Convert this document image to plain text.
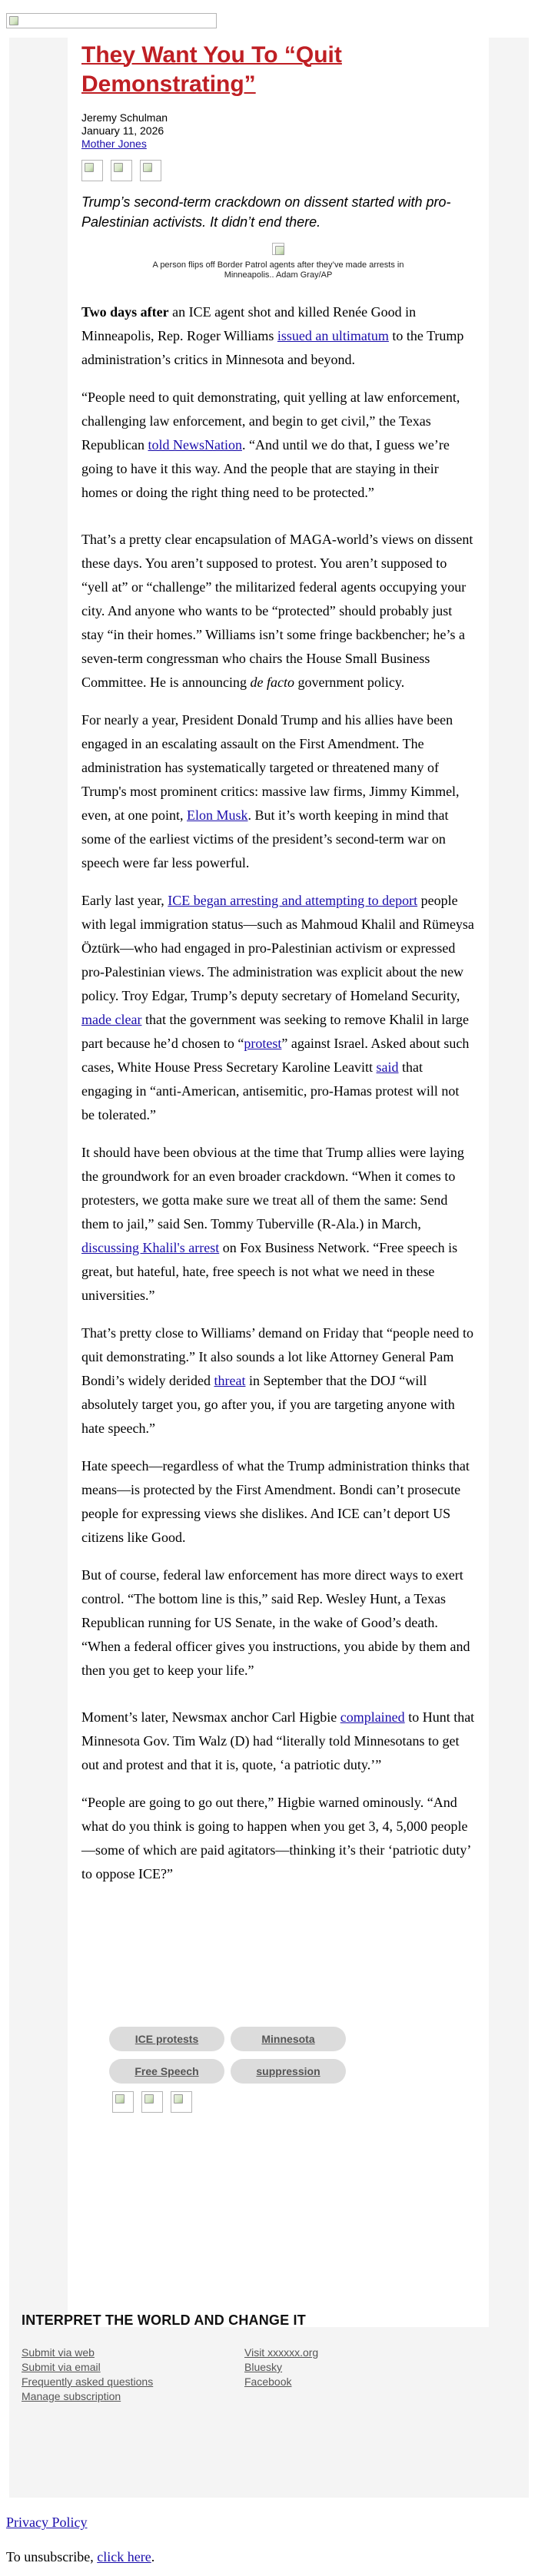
They Want You To “Quit Demonstrating”
Jeremy Schulman
January 11, 2026
Mother Jones

Trump’s second-term crackdown on dissent started with pro-Palestinian activists. It didn’t end there.

A person flips off Border Patrol agents after they’ve made arrests in Minneapolis.. Adam Gray/AP

Two days after an ICE agent shot and killed Renée Good in Minneapolis, Rep. Roger Williams issued an ultimatum to the Trump administration’s critics in Minnesota and beyond.

“People need to quit demonstrating, quit yelling at law enforcement, challenging law enforcement, and begin to get civil,” the Texas Republican told NewsNation. “And until we do that, I guess we’re going to have it this way. And the people that are staying in their homes or doing the right thing need to be protected.”

That’s a pretty clear encapsulation of MAGA-world’s views on dissent these days. You aren’t supposed to protest. You aren’t supposed to “yell at” or “challenge” the militarized federal agents occupying your city. And anyone who wants to be “protected” should probably just stay “in their homes.” Williams isn’t some fringe backbencher; he’s a seven-term congressman who chairs the House Small Business Committee. He is announcing de facto government policy.

For nearly a year, President Donald Trump and his allies have been engaged in an escalating assault on the First Amendment. The administration has systematically targeted or threatened many of Trump's most prominent critics: massive law firms, Jimmy Kimmel, even, at one point, Elon Musk. But it’s worth keeping in mind that some of the earliest victims of the president’s second-term war on speech were far less powerful.

Early last year, ICE began arresting and attempting to deport people with legal immigration status—such as Mahmoud Khalil and Rümeysa Öztürk—who had engaged in pro-Palestinian activism or expressed pro-Palestinian views. The administration was explicit about the new policy. Troy Edgar, Trump’s deputy secretary of Homeland Security, made clear that the government was seeking to remove Khalil in large part because he’d chosen to “protest” against Israel. Asked about such cases, White House Press Secretary Karoline Leavitt said that engaging in “anti-American, antisemitic, pro-Hamas protest will not be tolerated.”

It should have been obvious at the time that Trump allies were laying the groundwork for an even broader crackdown. “When it comes to protesters, we gotta make sure we treat all of them the same: Send them to jail,” said Sen. Tommy Tuberville (R-Ala.) in March, discussing Khalil's arrest on Fox Business Network. “Free speech is great, but hateful, hate, free speech is not what we need in these universities.”

That’s pretty close to Williams’ demand on Friday that “people need to quit demonstrating.” It also sounds a lot like Attorney General Pam Bondi’s widely derided threat in September that the DOJ “will absolutely target you, go after you, if you are targeting anyone with hate speech.”

Hate speech—regardless of what the Trump administration thinks that means—is protected by the First Amendment. Bondi can’t prosecute people for expressing views she dislikes. And ICE can’t deport US citizens like Good.

But of course, federal law enforcement has more direct ways to exert control. “The bottom line is this,” said Rep. Wesley Hunt, a Texas Republican running for US Senate, in the wake of Good’s death. “When a federal officer gives you instructions, you abide by them and then you get to keep your life.”

Moment’s later, Newsmax anchor Carl Higbie complained to Hunt that Minnesota Gov. Tim Walz (D) had “literally told Minnesotans to get out and protest and that it is, quote, ‘a patriotic duty.’”

“People are going to go out there,” Higbie warned ominously. “And what do you think is going to happen when you get 3, 4, 5,000 people—some of which are paid agitators—thinking it’s their ‘patriotic duty’ to oppose ICE?”

ICE protests	Minnesota
Free Speech	suppression
INTERPRET THE WORLD AND CHANGE IT
Submit via web
Submit via email
Frequently asked questions
Manage subscription
Visit xxxxxx.org
Bluesky
Facebook
Privacy Policy
To unsubscribe, click here.
